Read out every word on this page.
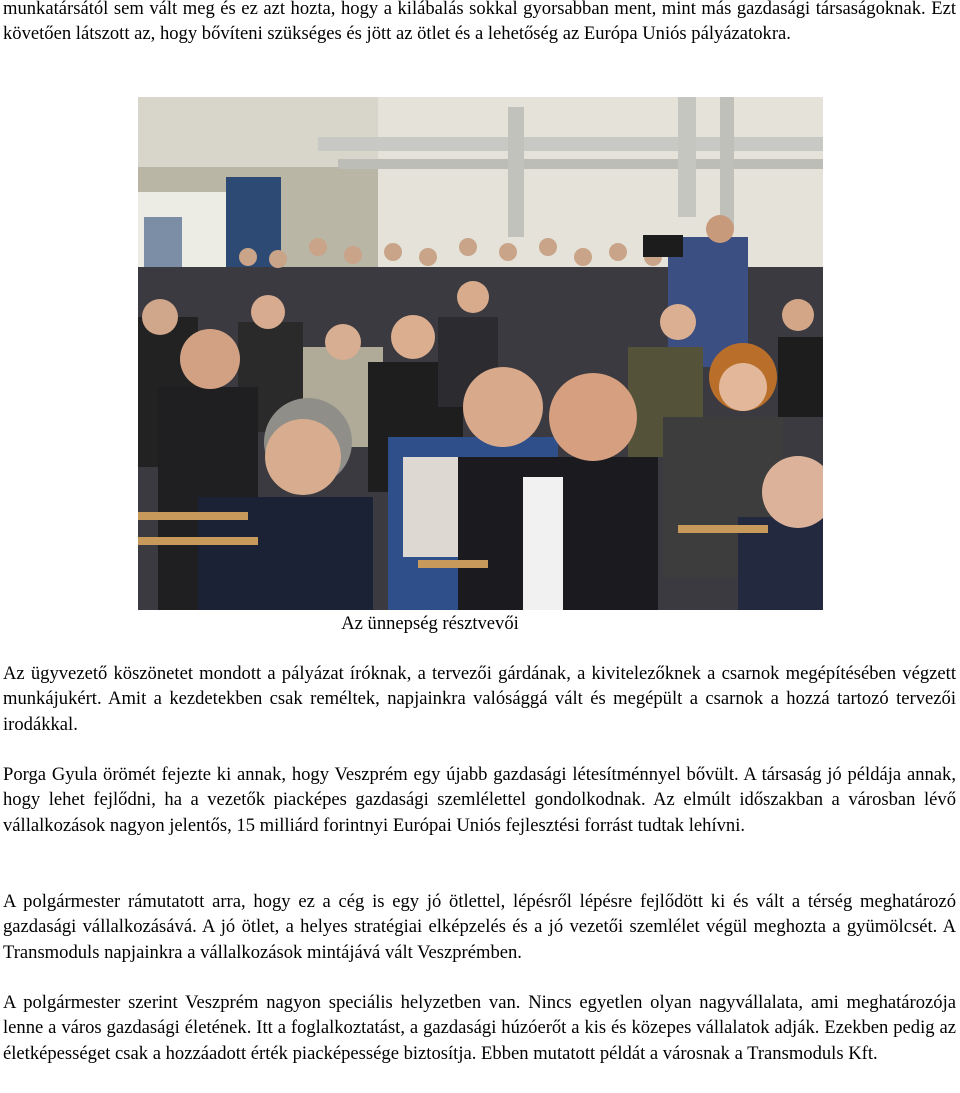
munkatársától sem vált meg és ez azt hozta, hogy a kilábalás sokkal gyorsabban ment, mint más gazdasági társaságoknak. Ezt követően látszott az, hogy bővíteni szükséges és jött az ötlet és a lehetőség az Európa Uniós pályázatokra.

Az ünnepség résztvevői

Az ügyvezető köszönetet mondott a pályázat íróknak, a tervezői gárdának, a kivitelezőknek a csarnok megépítésében végzett munkájukért. Amit a kezdetekben csak reméltek, napjainkra valósággá vált és megépült a csarnok a hozzá tartozó tervezői irodákkal.

Porga Gyula örömét fejezte ki annak, hogy Veszprém egy újabb gazdasági létesítménnyel bővült. A társaság jó példája annak, hogy lehet fejlődni, ha a vezetők piacképes gazdasági szemlélettel gondolkodnak. Az elmúlt időszakban a városban lévő vállalkozások nagyon jelentős, 15 milliárd forintnyi Európai Uniós fejlesztési forrást tudtak lehívni.

A polgármester rámutatott arra, hogy ez a cég is egy jó ötlettel, lépésről lépésre fejlődött ki és vált a térség meghatározó gazdasági vállalkozásává. A jó ötlet, a helyes stratégiai elképzelés és a jó vezetői szemlélet végül meghozta a gyümölcsét. A Transmoduls napjainkra a vállalkozások mintájává vált Veszprémben.

A polgármester szerint Veszprém nagyon speciális helyzetben van. Nincs egyetlen olyan nagyvállalata, ami meghatározója lenne a város gazdasági életének. Itt a foglalkoztatást, a gazdasági húzóerőt a kis és közepes vállalatok adják. Ezekben pedig az életképességet csak a hozzáadott érték piacképessége biztosítja. Ebben mutatott példát a városnak a Transmoduls Kft.
